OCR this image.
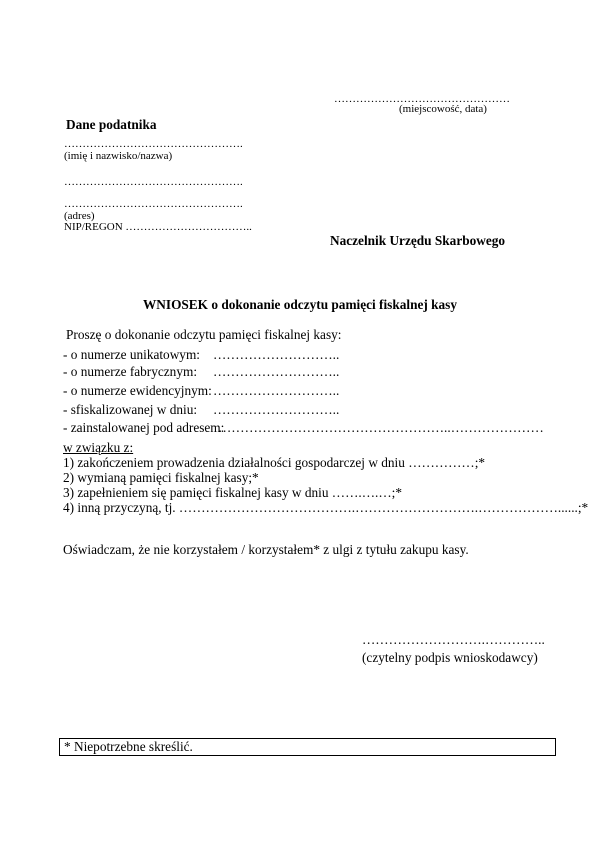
…………………………………………
(miejscowość, data)
Dane podatnika
………………………………………….
(imię i nazwisko/nazwa)
………………………………………….
………………………………………….
(adres)
NIP/REGON ……………………………..
Naczelnik Urzędu Skarbowego
WNIOSEK o dokonanie odczytu pamięci fiskalnej kasy
Proszę o dokonanie odczytu pamięci fiskalnej kasy:
- o numerze unikatowym: ………………………..
- o numerze fabrycznym: ………………………..
- o numerze ewidencyjnym: ………………………..
- sfiskalizowanej w dniu: ………………………..
- zainstalowanej pod adresem:
……………………………………………..…………………
w związku z:
1) zakończeniem prowadzenia działalności gospodarczej w dniu ……………;*
2) wymianą pamięci fiskalnej kasy;*
3) zapełnieniem się pamięci fiskalnej kasy w dniu …….….…;*
4) inną przyczyną, tj. ………………………………….……………………….………………......;*
Oświadczam, że nie korzystałem / korzystałem* z ulgi z tytułu zakupu kasy.
……………………….…………..
(czytelny podpis wnioskodawcy)
* Niepotrzebne skreślić.
